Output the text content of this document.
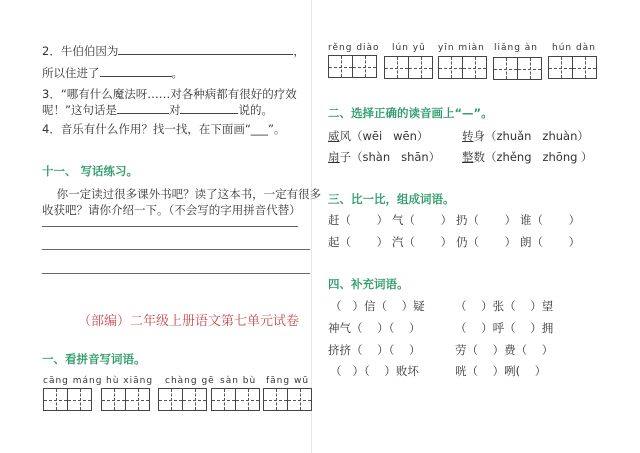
2．牛伯伯因为	，
所以住进了	。
3．“哪有什么魔法呀……对各种病都有很好的疗效
呢！”这句话是	对	说的。
4．音乐有什么作用？找一找，在下面画“___”。
十一、 写话练习。
你一定读过很多课外书吧？读了这本书，一定有很多
收获吧？请你介绍一下。（不会写的字用拼音代替）
（部编）二年级上册语文第七单元试卷
一、看拼音写词语。
cāng máng hù xiāng chàng gē sàn bù fāng wū
rěng diào lún yǔ yīn miàn liǎng àn hún dàn
二、选择正确的读音画上“—”。
威风（wēi   wēn）	转身（zhuǎn   zhuàn）
扇子（shàn   shān） 整数（zhěng   zhōng ）
三、比一比，组成词语。
赶（       ） 气（       ） 扔（       ） 谁（       ）
起（       ） 汽（       ） 仍（       ） 朗（       ）
四、补充词语。
（   ）信（    ）疑	（    ）张（    ）望
神气（    ）（    ）	（    ）呼（    ）拥
挤挤（    ）（    ）	劳（    ）费（    ）
（   ）（    ）败坏	咣（    ）咧(    ）
